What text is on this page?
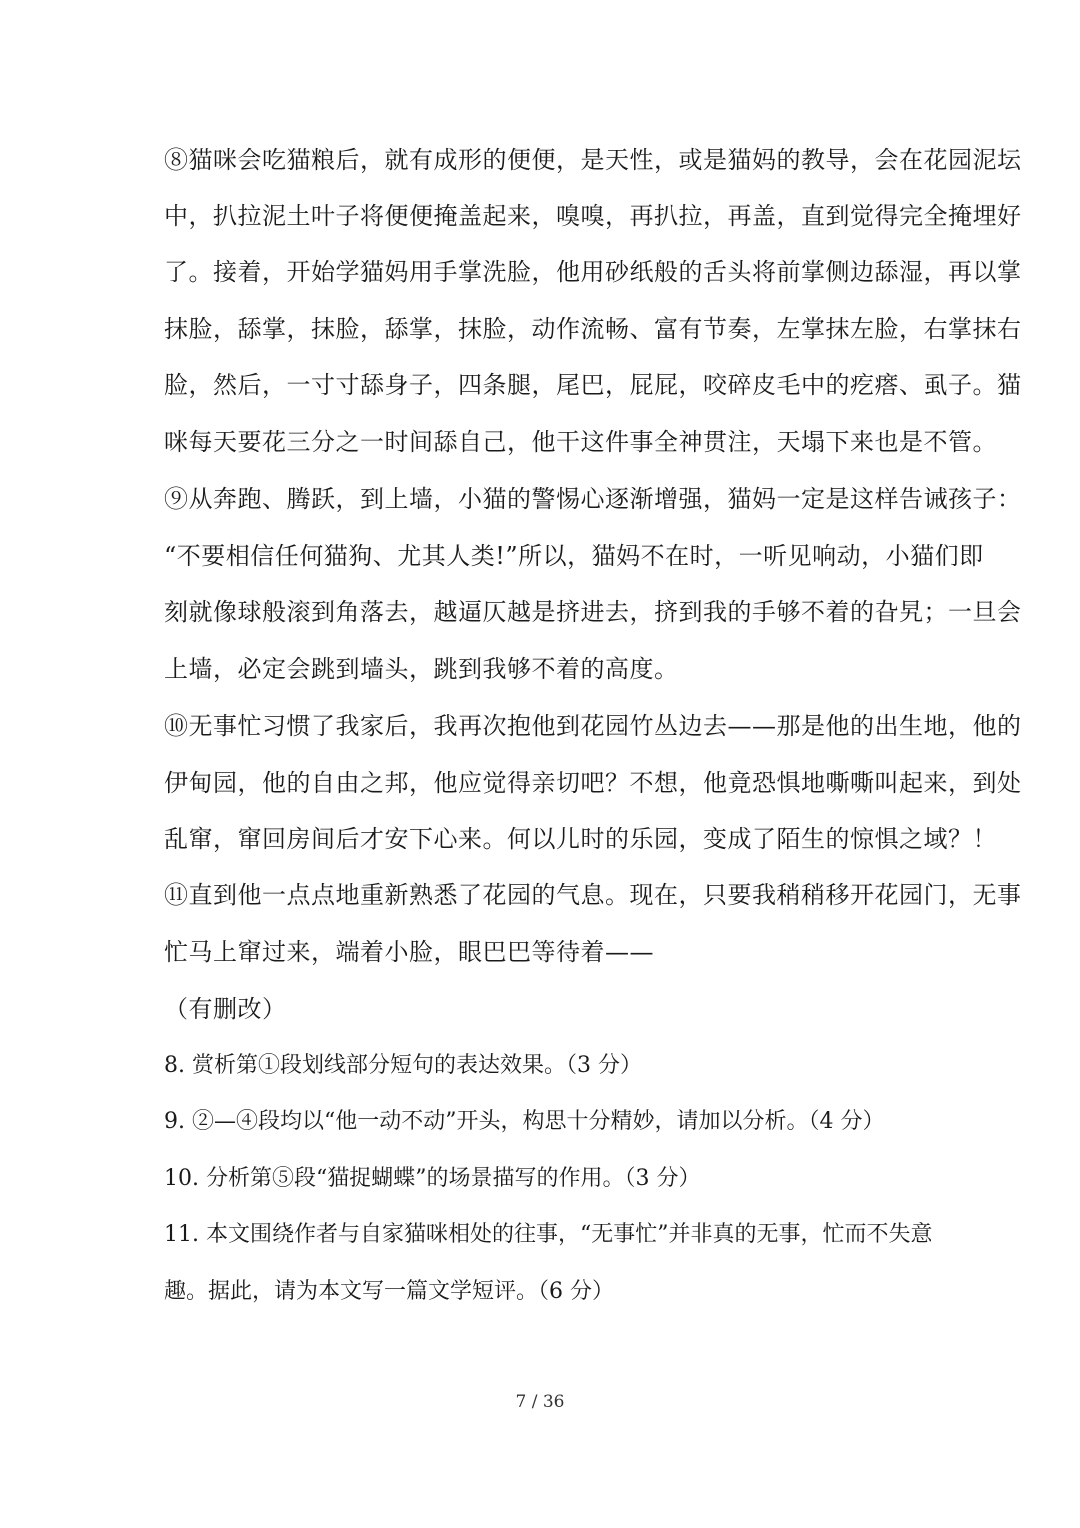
⑧猫咪会吃猫粮后，就有成形的便便，是天性，或是猫妈的教导，会在花园泥坛
中，扒拉泥土叶子将便便掩盖起来，嗅嗅，再扒拉，再盖，直到觉得完全掩埋好
了。接着，开始学猫妈用手掌洗脸，他用砂纸般的舌头将前掌侧边舔湿，再以掌
抹脸，舔掌，抹脸，舔掌，抹脸，动作流畅、富有节奏，左掌抹左脸，右掌抹右
脸，然后，一寸寸舔身子，四条腿，尾巴，屁屁，咬碎皮毛中的疙瘩、虱子。猫
咪每天要花三分之一时间舔自己，他干这件事全神贯注，天塌下来也是不管。
⑨从奔跑、腾跃，到上墙，小猫的警惕心逐渐增强，猫妈一定是这样告诫孩子：
“不要相信任何猫狗、尤其人类!”所以，猫妈不在时，一听见响动，小猫们即
刻就像球般滚到角落去，越逼仄越是挤进去，挤到我的手够不着的旮旯；一旦会
上墙，必定会跳到墙头，跳到我够不着的高度。
⑩无事忙习惯了我家后，我再次抱他到花园竹丛边去——那是他的出生地，他的
伊甸园，他的自由之邦，他应觉得亲切吧？不想，他竟恐惧地嘶嘶叫起来，到处
乱窜，窜回房间后才安下心来。何以儿时的乐园，变成了陌生的惊惧之域？！
⑪直到他一点点地重新熟悉了花园的气息。现在，只要我稍稍移开花园门，无事
忙马上窜过来，端着小脸，眼巴巴等待着——
（有删改）
8. 赏析第①段划线部分短句的表达效果。（3 分）
9. ②—④段均以“他一动不动”开头，构思十分精妙，请加以分析。（4 分）
10. 分析第⑤段“猫捉蝴蝶”的场景描写的作用。（3 分）
11. 本文围绕作者与自家猫咪相处的往事，“无事忙”并非真的无事，忙而不失意
趣。据此，请为本文写一篇文学短评。（6 分）
7 / 36
